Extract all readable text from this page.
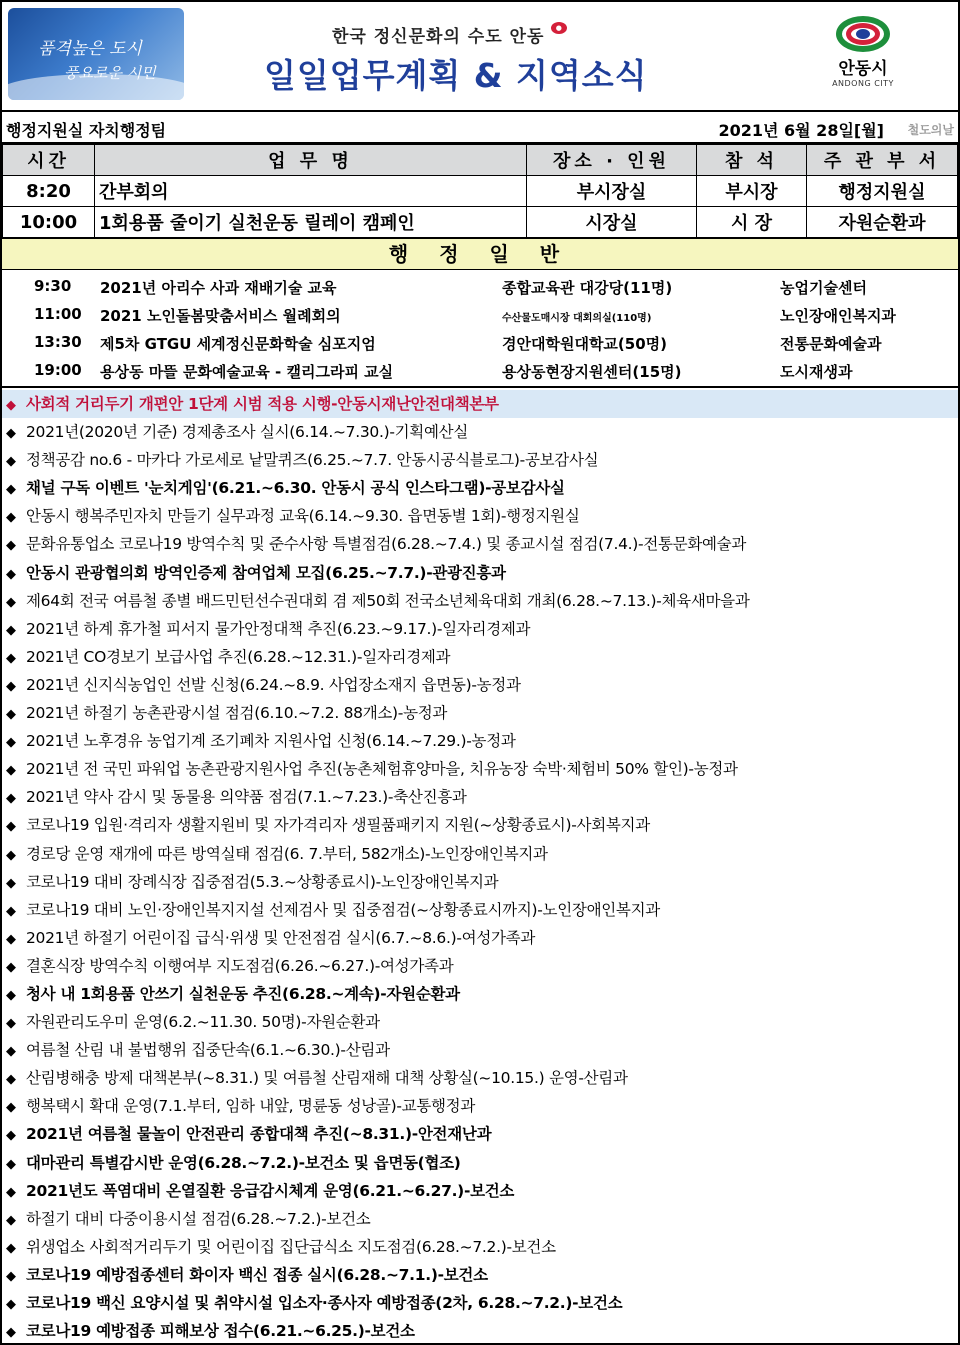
품격높은 도시
풍요로운 시민
한국 정신문화의 수도 안동 ●
일일업무계획 & 지역소식	안동시
ANDONG CITY
행정지원실 자치행정팀	2021년 6월 28일[월] 철도의날
시간	업 무 명	장소 · 인원	참 석	주 관 부 서
8:20	간부회의	부시장실	부시장	행정지원실
10:00	1회용품 줄이기 실천운동 릴레이 캠페인	시장실	시 장	자원순환과
행 정 일 반
9:30 2021년 아리수 사과 재배기술 교육	종합교육관 대강당(11명)	농업기술센터
11:00 2021 노인돌봄맞춤서비스 월례회의	수산물도매시장 대회의실(110명)	노인장애인복지과
13:30 제5차 GTGU 세계정신문화학술 심포지엄	경안대학원대학교(50명)	전통문화예술과
19:00 용상동 마뜰 문화예술교육 - 캘리그라피 교실	용상동현장지원센터(15명)	도시재생과
◆ 사회적 거리두기 개편안 1단계 시범 적용 시행-안동시재난안전대책본부
◆ 2021년(2020년 기준) 경제총조사 실시(6.14.~7.30.)-기획예산실
◆ 정책공감 no.6 - 마카다 가로세로 낱말퀴즈(6.25.~7.7. 안동시공식블로그)-공보감사실
◆ 채널 구독 이벤트 '눈치게임'(6.21.~6.30. 안동시 공식 인스타그램)-공보감사실
◆ 안동시 행복주민자치 만들기 실무과정 교육(6.14.~9.30. 읍면동별 1회)-행정지원실
◆ 문화유통업소 코로나19 방역수칙 및 준수사항 특별점검(6.28.~7.4.) 및 종교시설 점검(7.4.)-전통문화예술과
◆ 안동시 관광협의회 방역인증제 참여업체 모집(6.25.~7.7.)-관광진흥과
◆ 제64회 전국 여름철 종별 배드민턴선수권대회 겸 제50회 전국소년체육대회 개최(6.28.~7.13.)-체육새마을과
◆ 2021년 하계 휴가철 피서지 물가안정대책 추진(6.23.~9.17.)-일자리경제과
◆ 2021년 CO경보기 보급사업 추진(6.28.~12.31.)-일자리경제과
◆ 2021년 신지식농업인 선발 신청(6.24.~8.9. 사업장소재지 읍면동)-농정과
◆ 2021년 하절기 농촌관광시설 점검(6.10.~7.2. 88개소)-농정과
◆ 2021년 노후경유 농업기계 조기폐차 지원사업 신청(6.14.~7.29.)-농정과
◆ 2021년 전 국민 파워업 농촌관광지원사업 추진(농촌체험휴양마을, 치유농장 숙박·체험비 50% 할인)-농정과
◆ 2021년 약사 감시 및 동물용 의약품 점검(7.1.~7.23.)-축산진흥과
◆ 코로나19 입원·격리자 생활지원비 및 자가격리자 생필품패키지 지원(~상황종료시)-사회복지과
◆ 경로당 운영 재개에 따른 방역실태 점검(6. 7.부터, 582개소)-노인장애인복지과
◆ 코로나19 대비 장례식장 집중점검(5.3.~상황종료시)-노인장애인복지과
◆ 코로나19 대비 노인·장애인복지지설 선제검사 및 집중점검(~상황종료시까지)-노인장애인복지과
◆ 2021년 하절기 어린이집 급식·위생 및 안전점검 실시(6.7.~8.6.)-여성가족과
◆ 결혼식장 방역수칙 이행여부 지도점검(6.26.~6.27.)-여성가족과
◆ 청사 내 1회용품 안쓰기 실천운동 추진(6.28.~계속)-자원순환과
◆ 자원관리도우미 운영(6.2.~11.30. 50명)-자원순환과
◆ 여름철 산림 내 불법행위 집중단속(6.1.~6.30.)-산림과
◆ 산림병해충 방제 대책본부(~8.31.) 및 여름철 산림재해 대책 상황실(~10.15.) 운영-산림과
◆ 행복택시 확대 운영(7.1.부터, 임하 내앞, 명륜동 성낭골)-교통행정과
◆ 2021년 여름철 물놀이 안전관리 종합대책 추진(~8.31.)-안전재난과
◆ 대마관리 특별감시반 운영(6.28.~7.2.)-보건소 및 읍면동(협조)
◆ 2021년도 폭염대비 온열질환 응급감시체계 운영(6.21.~6.27.)-보건소
◆ 하절기 대비 다중이용시설 점검(6.28.~7.2.)-보건소
◆ 위생업소 사회적거리두기 및 어린이집 집단급식소 지도점검(6.28.~7.2.)-보건소
◆ 코로나19 예방접종센터 화이자 백신 접종 실시(6.28.~7.1.)-보건소
◆ 코로나19 백신 요양시설 및 취약시설 입소자·종사자 예방접종(2차, 6.28.~7.2.)-보건소
◆ 코로나19 예방접종 피해보상 접수(6.21.~6.25.)-보건소
